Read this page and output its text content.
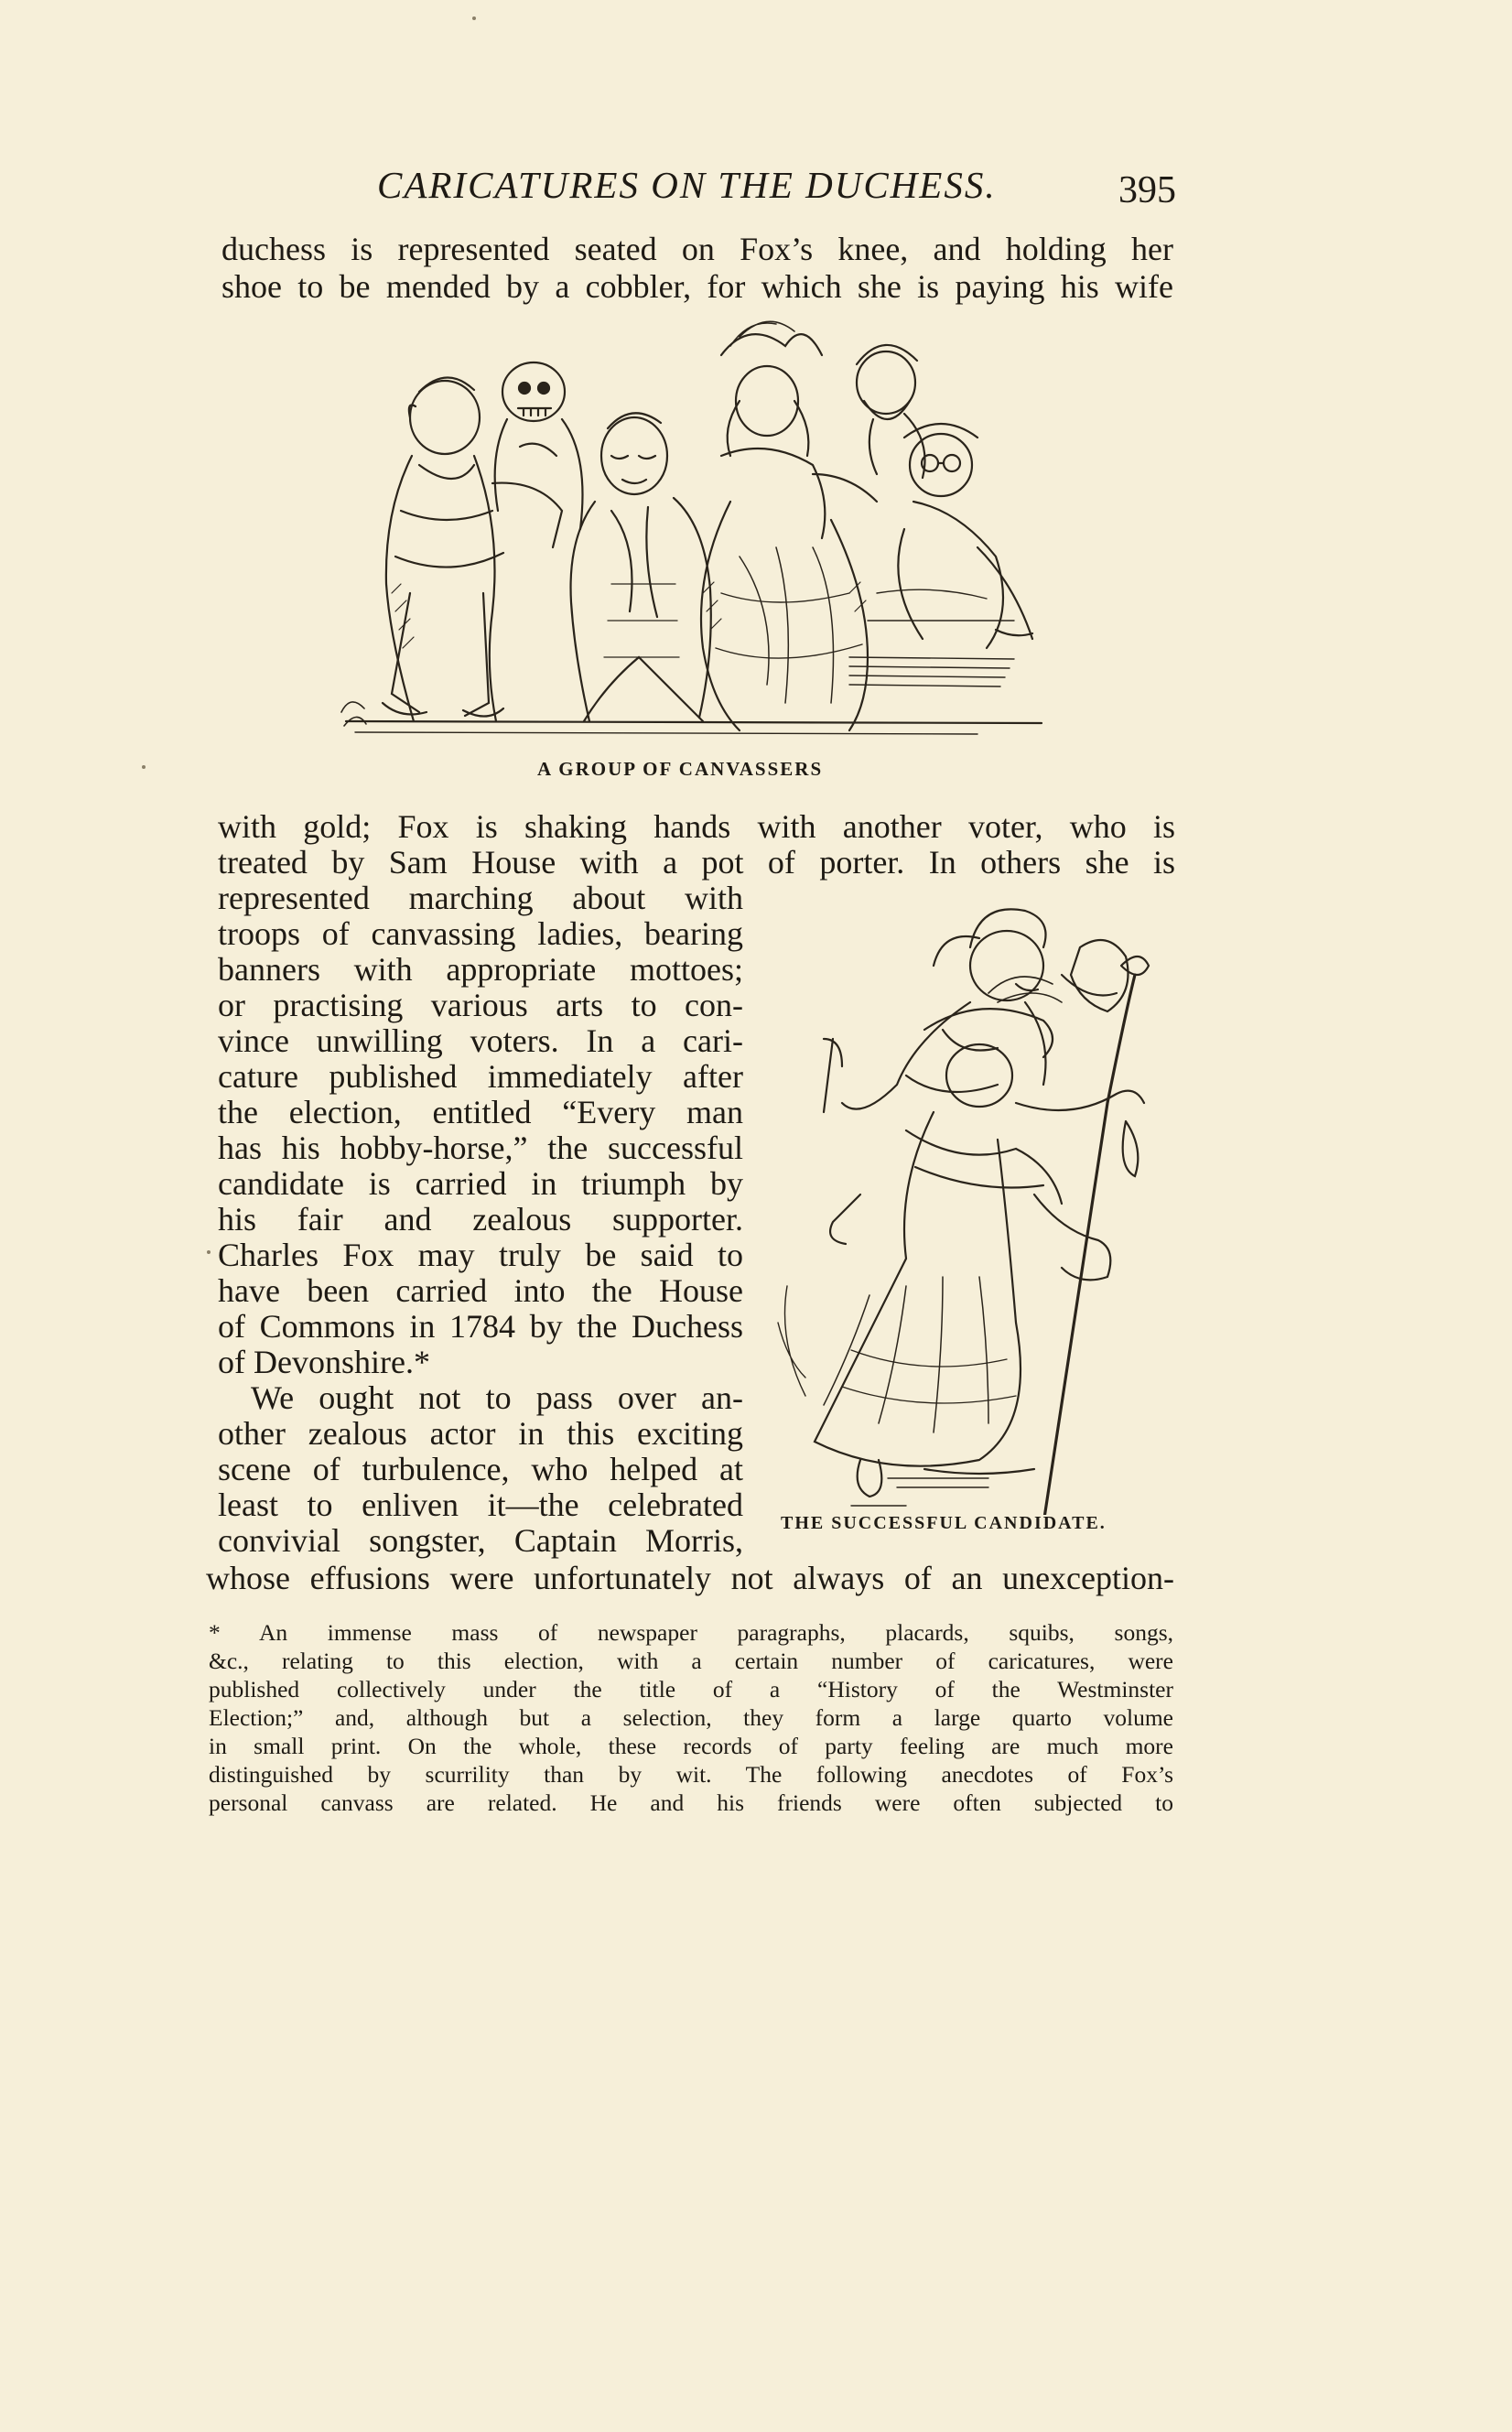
CARICATURES ON THE DUCHESS.	395
duchess is represented seated on Fox’s knee, and holding her
shoe to be mended by a cobbler, for which she is paying his wife
A GROUP OF CANVASSERS
with gold; Fox is shaking hands with another voter, who is
treated by Sam House with a pot of porter. In others she is
represented marching about with
troops of canvassing ladies, bearing
banners with appropriate mottoes;
or practising various arts to con-
vince unwilling voters. In a cari-
cature published immediately after
the election, entitled “Every man
has his hobby-horse,” the successful
candidate is carried in triumph by
his fair and zealous supporter.
Charles Fox may truly be said to
have been carried into the House
of Commons in 1784 by the Duchess
of Devonshire.*
We ought not to pass over an-
other zealous actor in this exciting
scene of turbulence, who helped at
least to enliven it—the celebrated
convivial songster, Captain Morris, THE SUCCESSFUL CANDIDATE.
whose effusions were unfortunately not always of an unexception-
* An immense mass of newspaper paragraphs, placards, squibs, songs,
&c., relating to this election, with a certain number of caricatures, were
published collectively under the title of a “History of the Westminster
Election;” and, although but a selection, they form a large quarto volume
in small print. On the whole, these records of party feeling are much more
distinguished by scurrility than by wit. The following anecdotes of Fox’s
personal canvass are related. He and his friends were often subjected to
